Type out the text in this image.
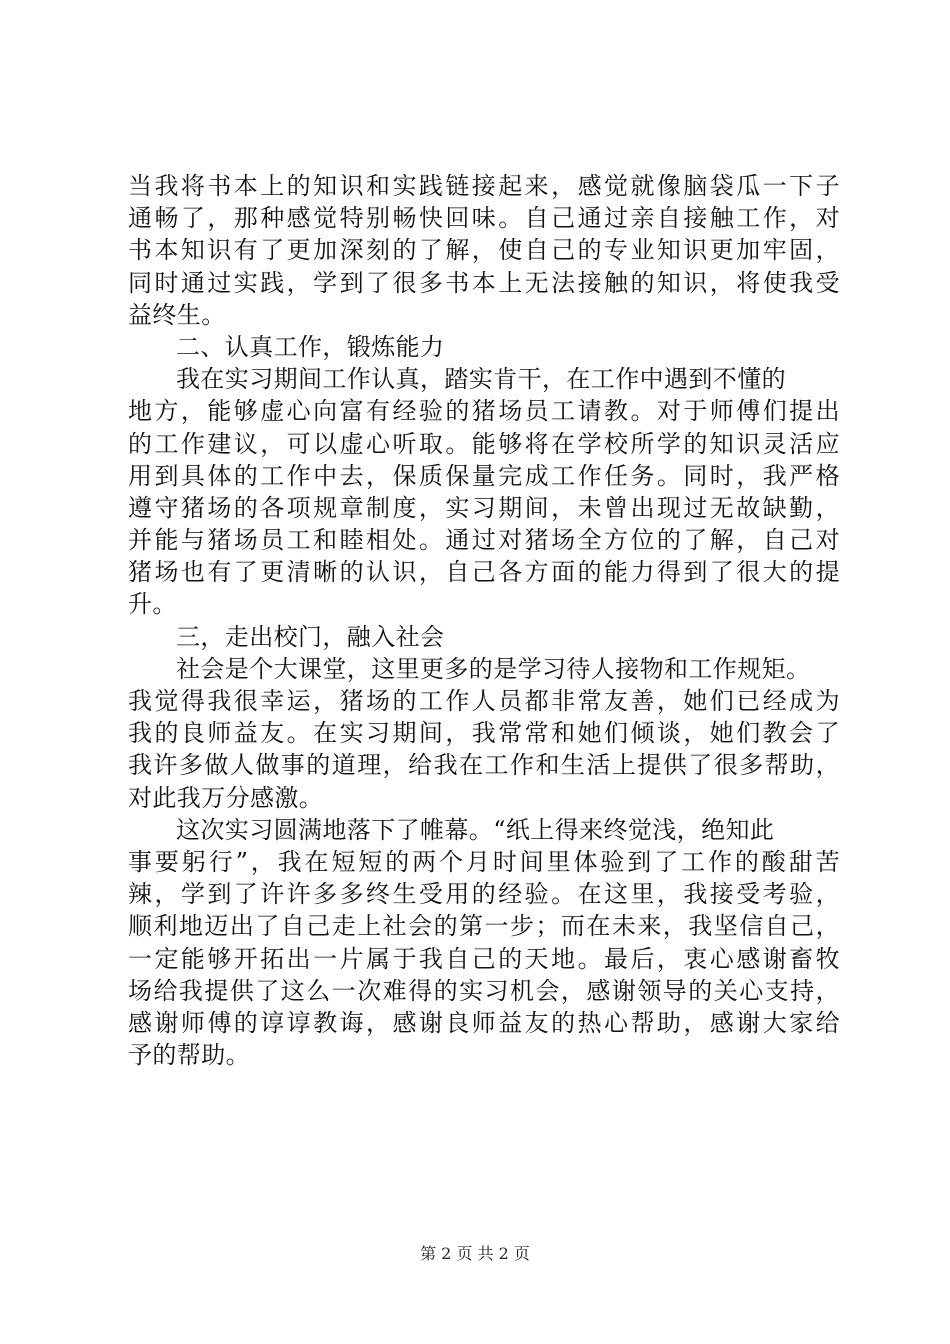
当我将书本上的知识和实践链接起来，感觉就像脑袋瓜一下子
通畅了，那种感觉特别畅快回味。自己通过亲自接触工作，对
书本知识有了更加深刻的了解，使自己的专业知识更加牢固，
同时通过实践，学到了很多书本上无法接触的知识，将使我受
益终生。
二、认真工作，锻炼能力
我在实习期间工作认真，踏实肯干，在工作中遇到不懂的
地方，能够虚心向富有经验的猪场员工请教。对于师傅们提出
的工作建议，可以虚心听取。能够将在学校所学的知识灵活应
用到具体的工作中去，保质保量完成工作任务。同时，我严格
遵守猪场的各项规章制度，实习期间，未曾出现过无故缺勤，
并能与猪场员工和睦相处。通过对猪场全方位的了解，自己对
猪场也有了更清晰的认识，自己各方面的能力得到了很大的提
升。
三，走出校门，融入社会
社会是个大课堂，这里更多的是学习待人接物和工作规矩。
我觉得我很幸运，猪场的工作人员都非常友善，她们已经成为
我的良师益友。在实习期间，我常常和她们倾谈，她们教会了
我许多做人做事的道理，给我在工作和生活上提供了很多帮助，
对此我万分感激。
这次实习圆满地落下了帷幕。“纸上得来终觉浅，绝知此
事要躬行”，我在短短的两个月时间里体验到了工作的酸甜苦
辣，学到了许许多多终生受用的经验。在这里，我接受考验，
顺利地迈出了自己走上社会的第一步；而在未来，我坚信自己，
一定能够开拓出一片属于我自己的天地。最后，衷心感谢畜牧
场给我提供了这么一次难得的实习机会，感谢领导的关心支持，
感谢师傅的谆谆教诲，感谢良师益友的热心帮助，感谢大家给
予的帮助。
第 2 页 共 2 页
